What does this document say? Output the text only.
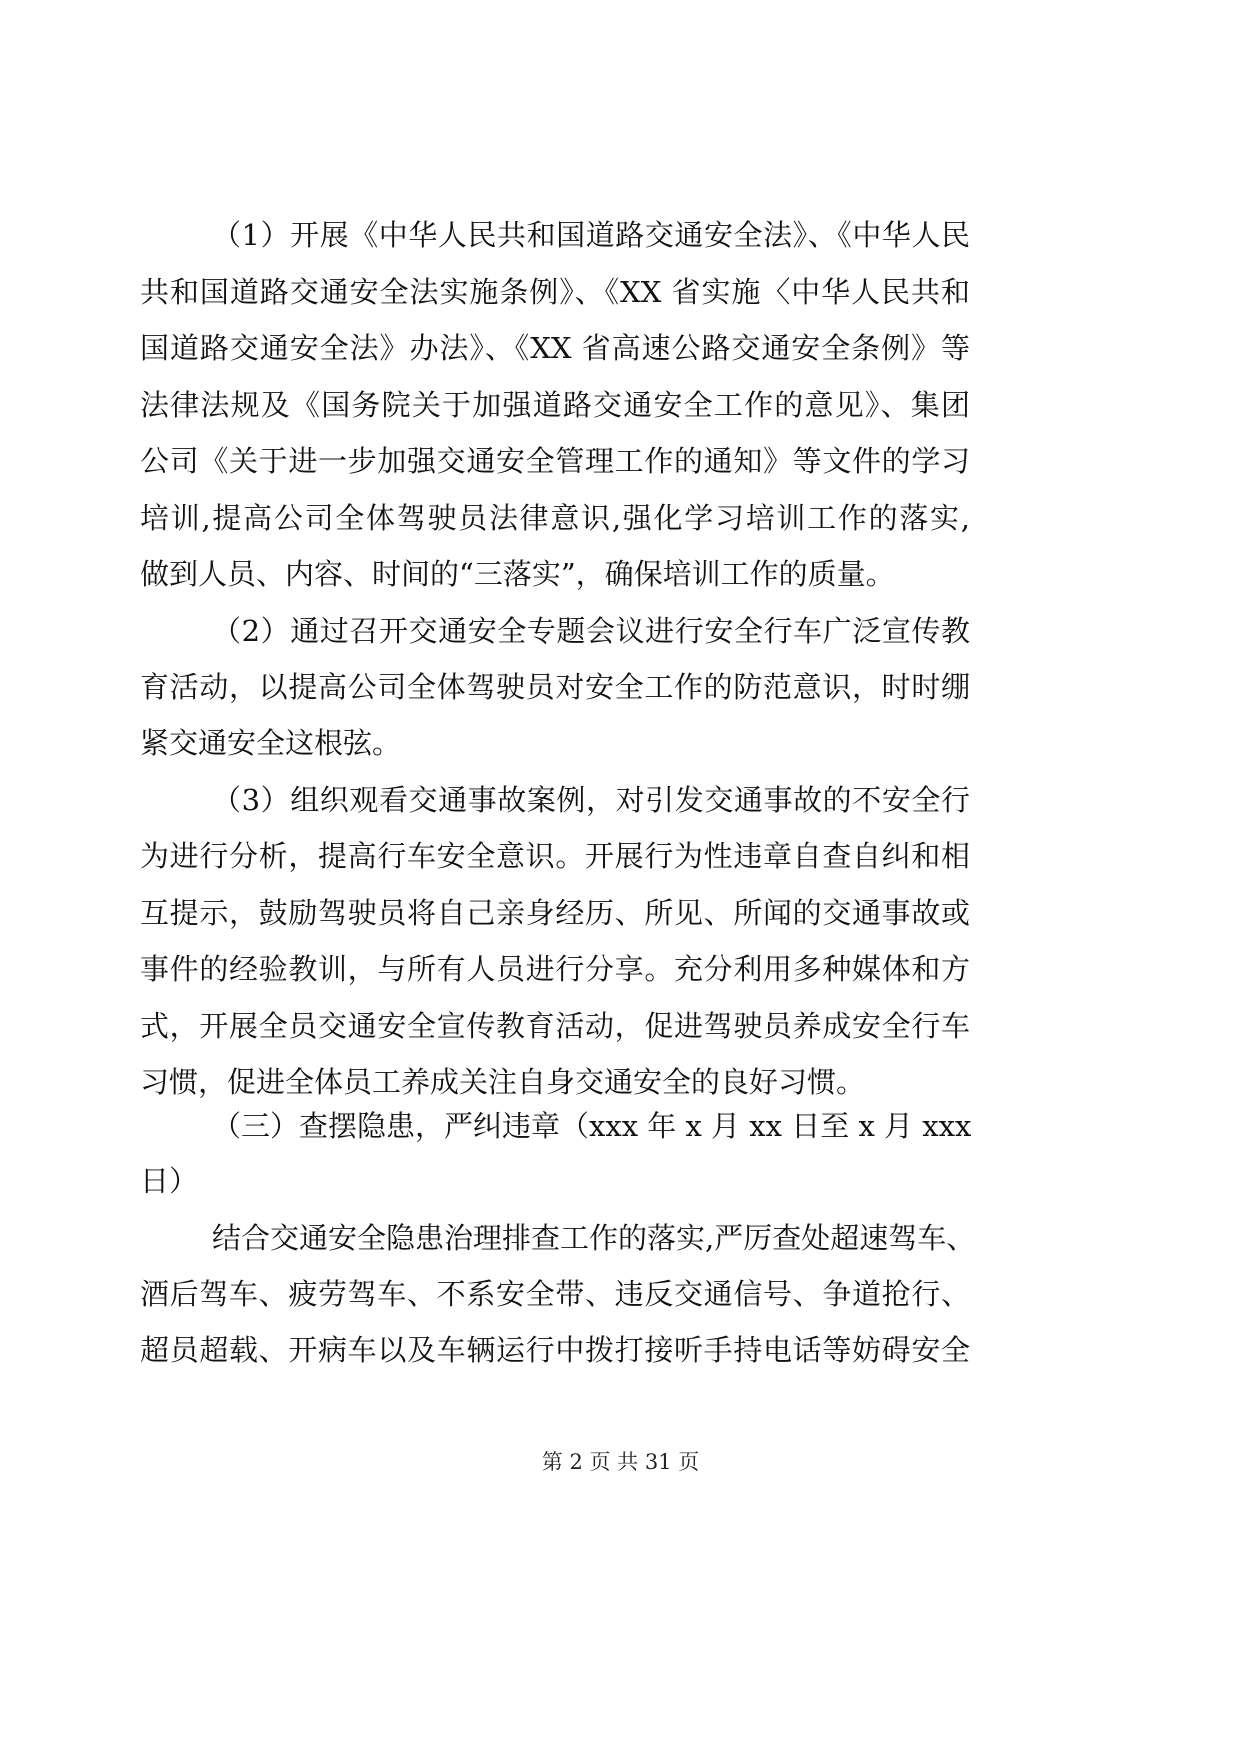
（1）开展《中华人民共和国道路交通安全法》、《中华人民
共和国道路交通安全法实施条例》、《XX 省实施〈中华人民共和
国道路交通安全法》办法》、《XX 省高速公路交通安全条例》等
法律法规及《国务院关于加强道路交通安全工作的意见》、集团
公司《关于进一步加强交通安全管理工作的通知》等文件的学习
培训,提高公司全体驾驶员法律意识,强化学习培训工作的落实,
做到人员、内容、时间的“三落实”，确保培训工作的质量。
（2）通过召开交通安全专题会议进行安全行车广泛宣传教
育活动，以提高公司全体驾驶员对安全工作的防范意识，时时绷
紧交通安全这根弦。
（3）组织观看交通事故案例，对引发交通事故的不安全行
为进行分析，提高行车安全意识。开展行为性违章自查自纠和相
互提示，鼓励驾驶员将自己亲身经历、所见、所闻的交通事故或
事件的经验教训，与所有人员进行分享。充分利用多种媒体和方
式，开展全员交通安全宣传教育活动，促进驾驶员养成安全行车
习惯，促进全体员工养成关注自身交通安全的良好习惯。
（三）查摆隐患，严纠违章（xxx 年 x 月 xx 日至 x 月 xxx
日）
结合交通安全隐患治理排查工作的落实,严厉查处超速驾车、
酒后驾车、疲劳驾车、不系安全带、违反交通信号、争道抢行、
超员超载、开病车以及车辆运行中拨打接听手持电话等妨碍安全
第 2 页 共 31 页
